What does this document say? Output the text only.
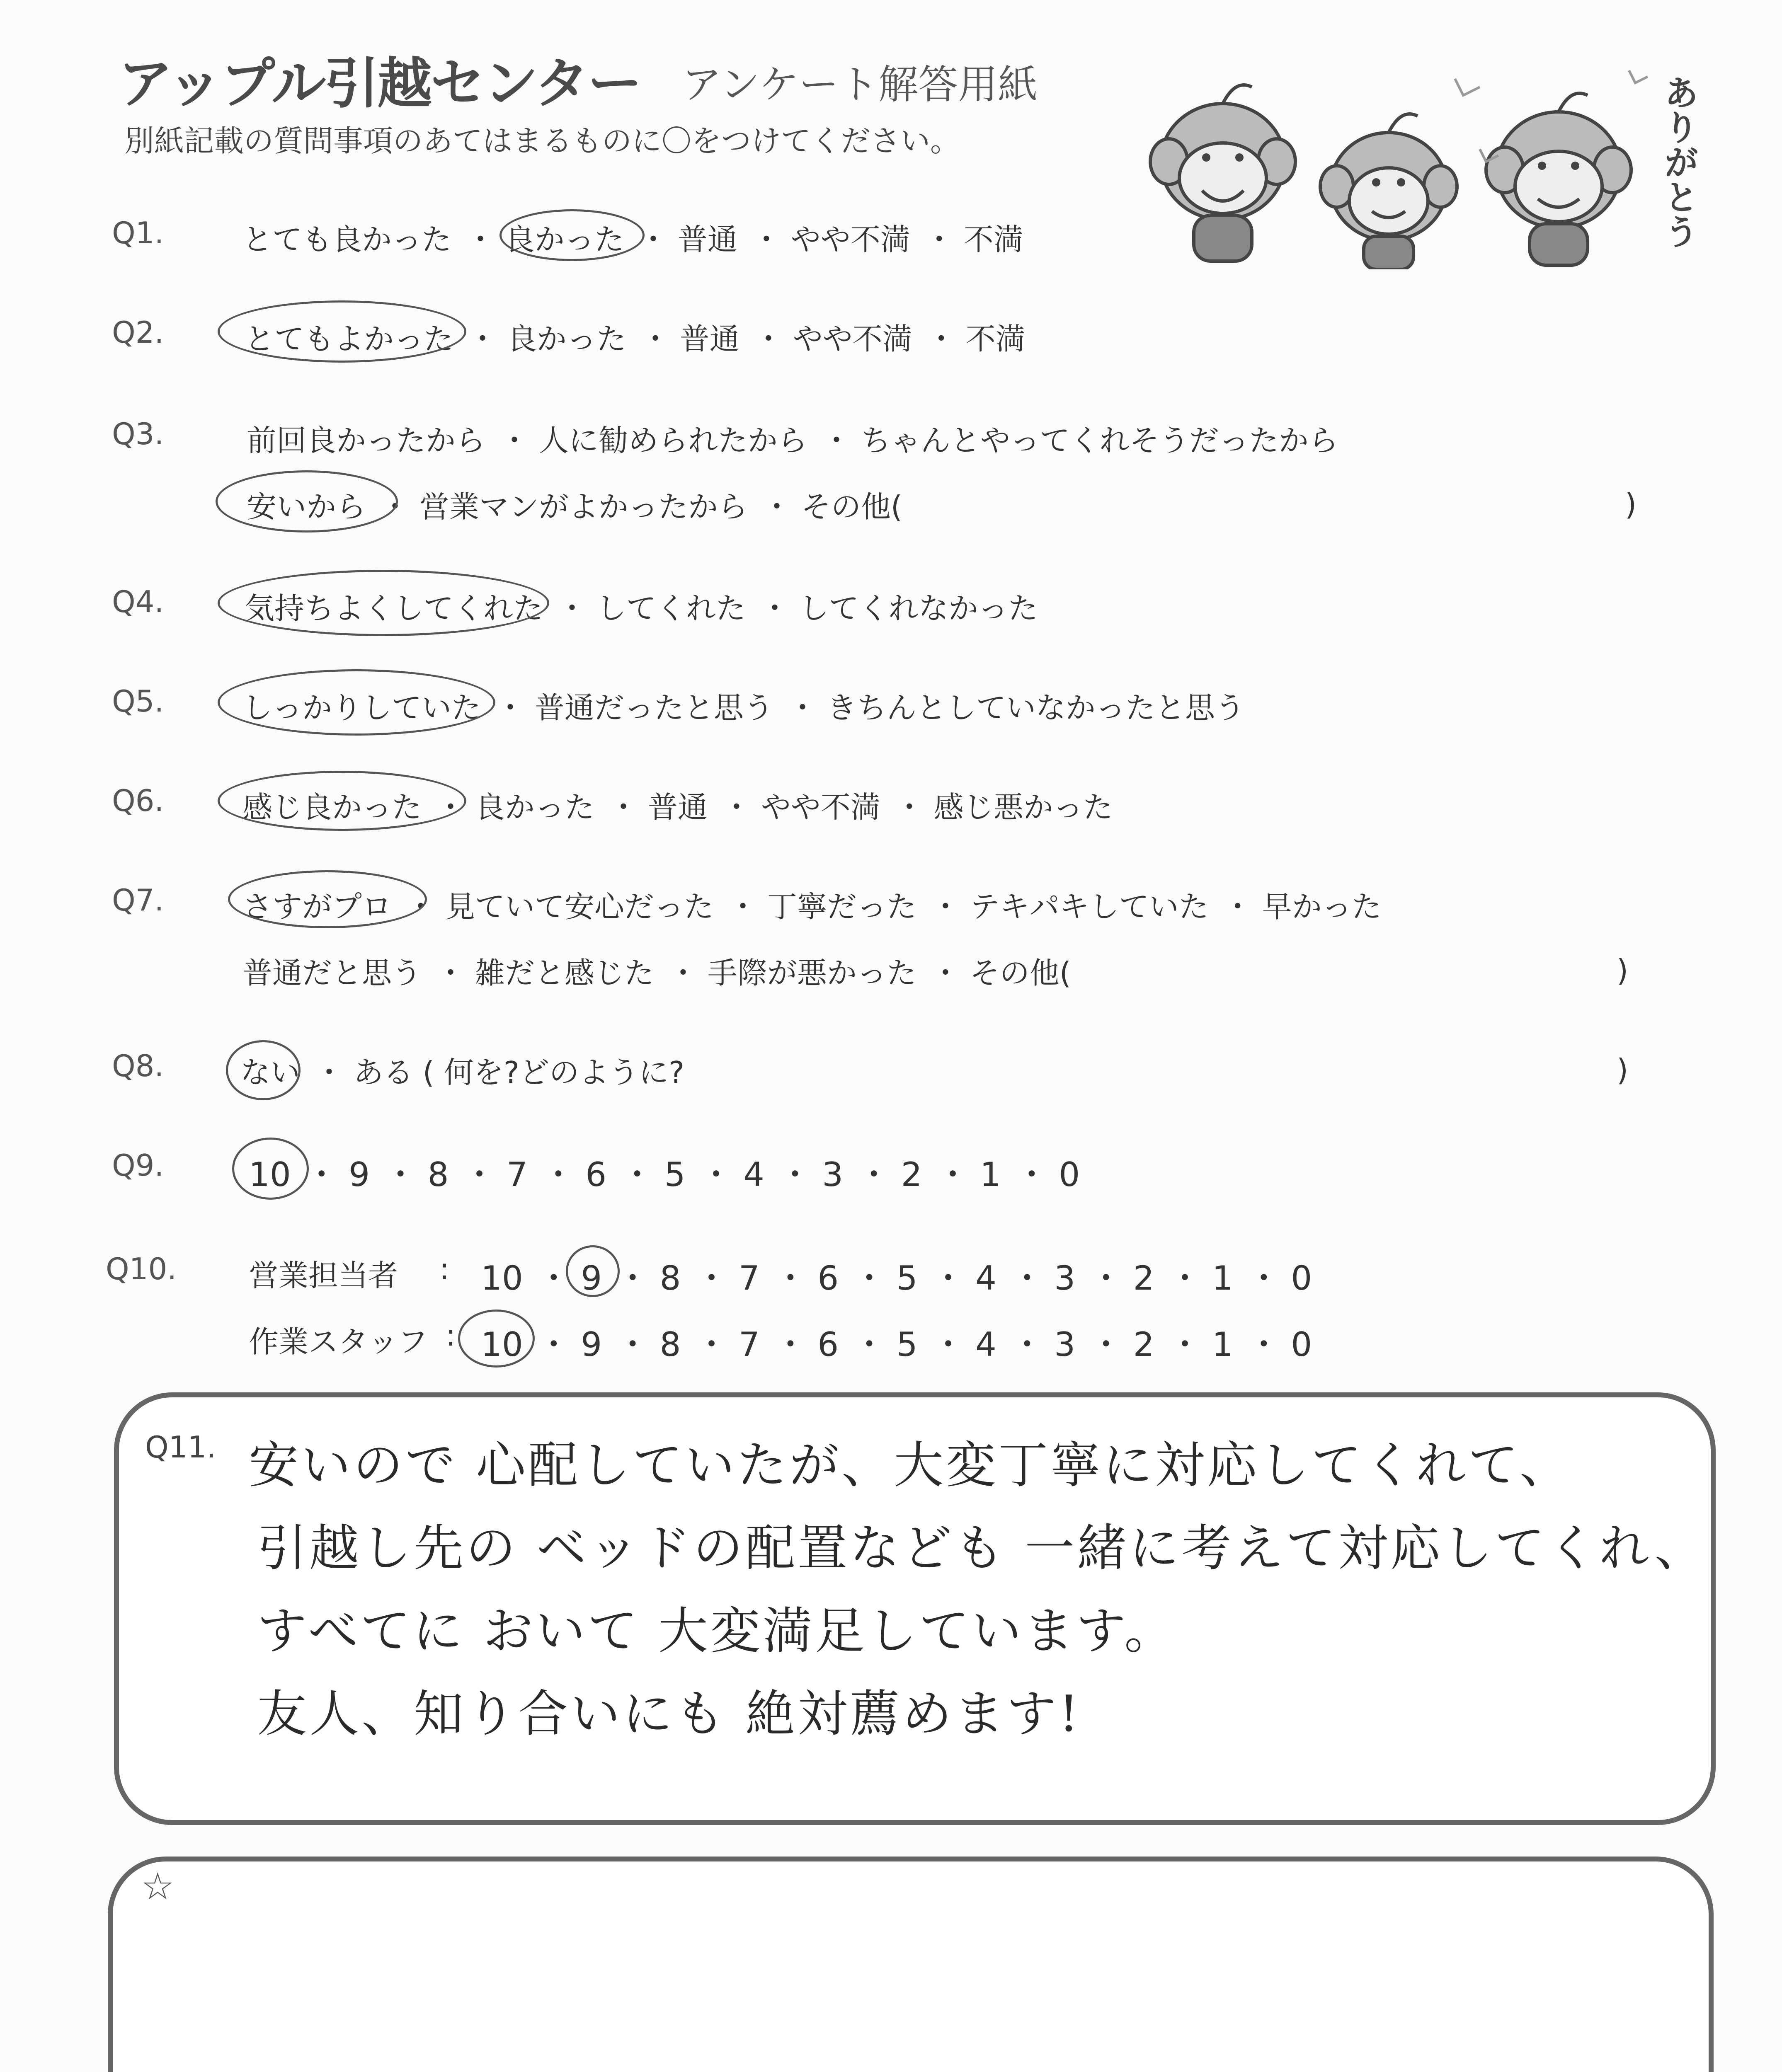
アップル引越センター アンケート解答用紙
別紙記載の質問事項のあてはまるものに〇をつけてください。	ありがとう
Q1.	とても良かった ・ 良かった ・ 普通 ・ やや不満 ・ 不満
Q2.	とてもよかった ・ 良かった ・ 普通 ・ やや不満 ・ 不満
Q3.	前回良かったから ・ 人に勧められたから ・ ちゃんとやってくれそうだったから
安いから ・ 営業マンがよかったから ・ その他(	)
Q4.	気持ちよくしてくれた ・ してくれた ・ してくれなかった
Q5.	しっかりしていた ・ 普通だったと思う ・ きちんとしていなかったと思う
Q6.	感じ良かった ・ 良かった ・ 普通 ・ やや不満 ・ 感じ悪かった
Q7.	さすがプロ ・ 見ていて安心だった ・ 丁寧だった ・ テキパキしていた ・ 早かった
普通だと思う ・ 雑だと感じた ・ 手際が悪かった ・ その他(	)
Q8.	ない ・ ある ( 何を?どのように?	)
Q9.	10 ・ 9 ・ 8 ・ 7 ・ 6 ・ 5 ・ 4 ・ 3 ・ 2 ・ 1 ・ 0
Q10. 営業担当者 : 10 ・ 9 ・ 8 ・ 7 ・ 6 ・ 5 ・ 4 ・ 3 ・ 2 ・ 1 ・ 0
作業スタッフ : 10 ・ 9 ・ 8 ・ 7 ・ 6 ・ 5 ・ 4 ・ 3 ・ 2 ・ 1 ・ 0
Q11. 安いので 心配していたが、大変丁寧に対応してくれて、
引越し先の ベッドの配置なども 一緒に考えて対応してくれ、
すべてに おいて 大変満足しています。
友人、知り合いにも 絶対薦めます!
☆
